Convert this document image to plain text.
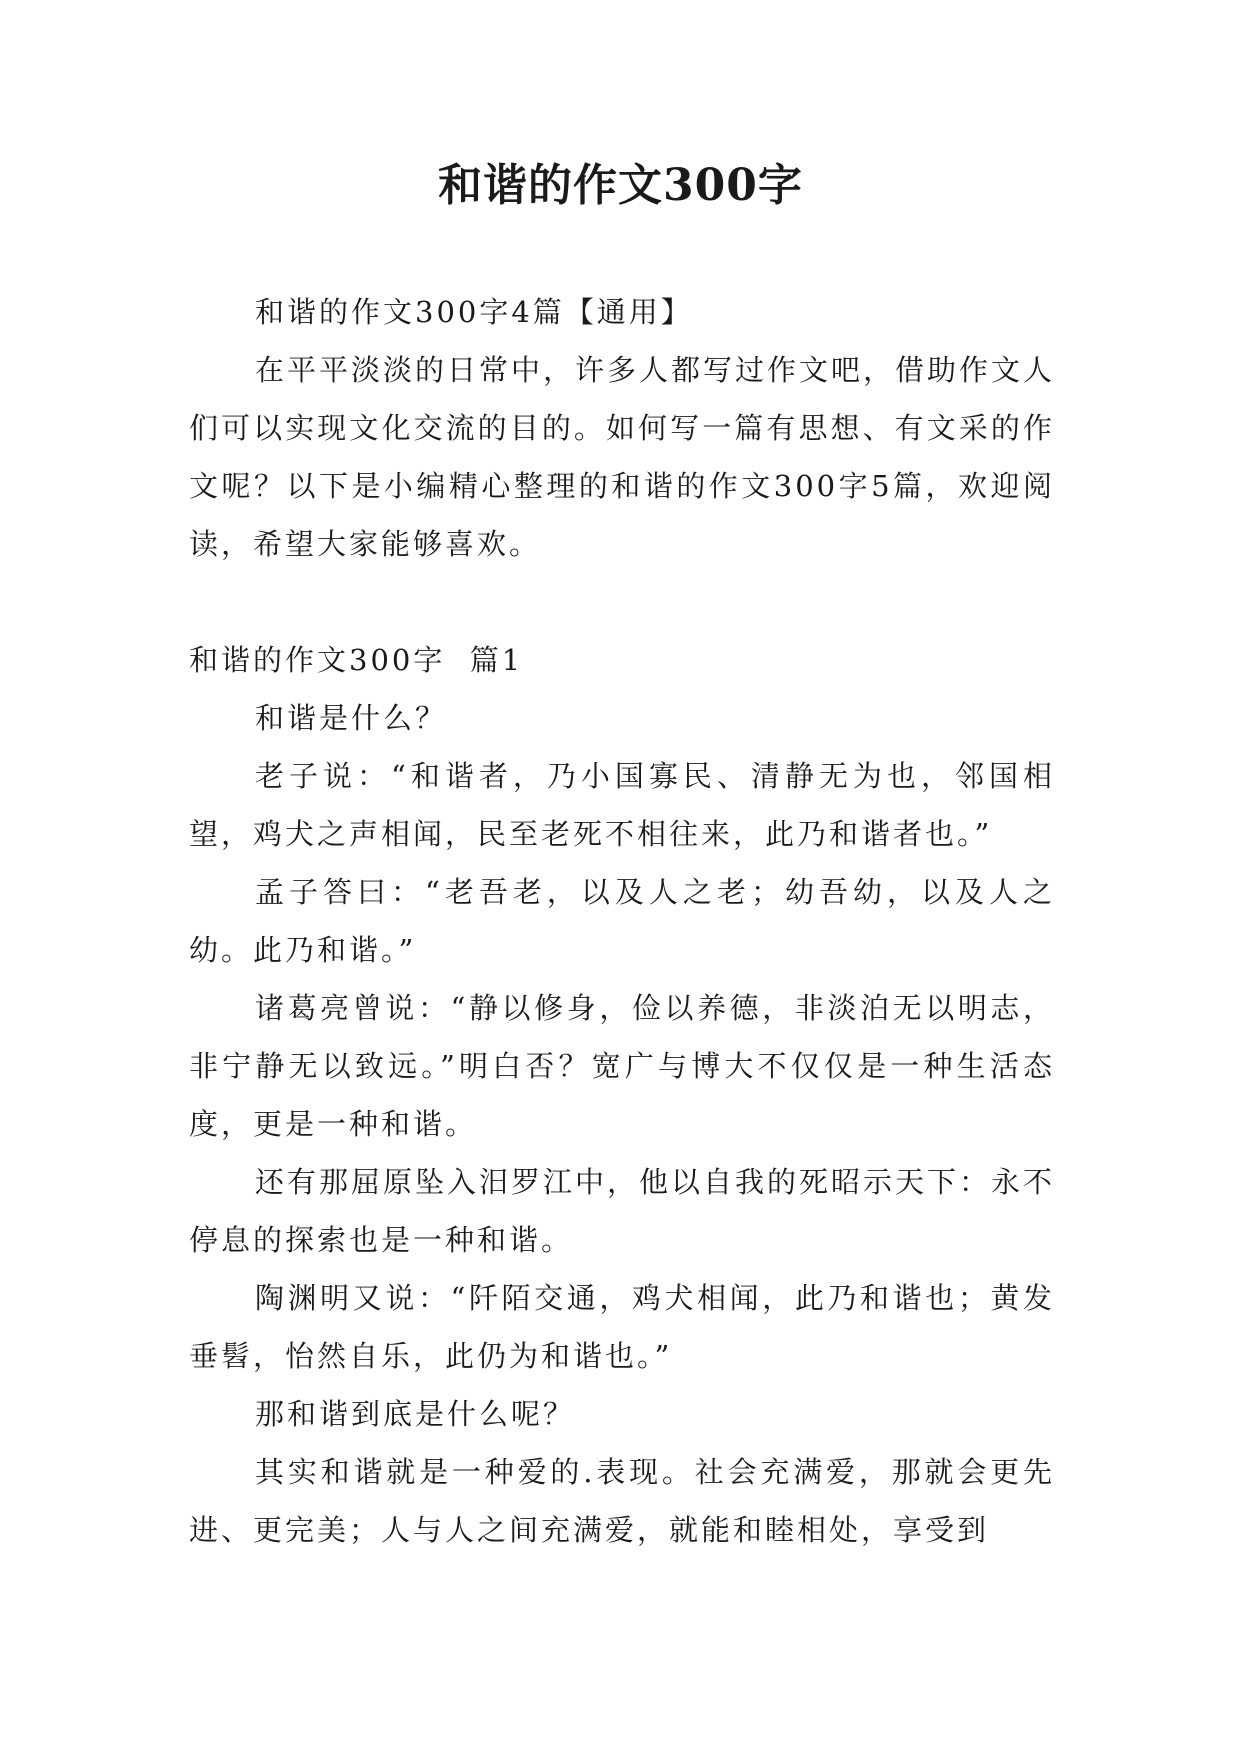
和谐的作文300字

和谐的作文300字4篇【通用】

在平平淡淡的日常中，许多人都写过作文吧，借助作文人们可以实现文化交流的目的。如何写一篇有思想、有文采的作文呢？以下是小编精心整理的和谐的作文300字5篇，欢迎阅读，希望大家能够喜欢。

和谐的作文300字  篇1

和谐是什么？

老子说：“和谐者，乃小国寡民、清静无为也，邻国相望，鸡犬之声相闻，民至老死不相往来，此乃和谐者也。”

孟子答曰：“老吾老，以及人之老；幼吾幼，以及人之幼。此乃和谐。”

诸葛亮曾说：“静以修身，俭以养德，非淡泊无以明志，非宁静无以致远。”明白否？宽广与博大不仅仅是一种生活态度，更是一种和谐。

还有那屈原坠入汨罗江中，他以自我的死昭示天下：永不停息的探索也是一种和谐。

陶渊明又说：“阡陌交通，鸡犬相闻，此乃和谐也；黄发垂髫，怡然自乐，此仍为和谐也。”

那和谐到底是什么呢？

其实和谐就是一种爱的.表现。社会充满爱，那就会更先进、更完美；人与人之间充满爱，就能和睦相处，享受到
